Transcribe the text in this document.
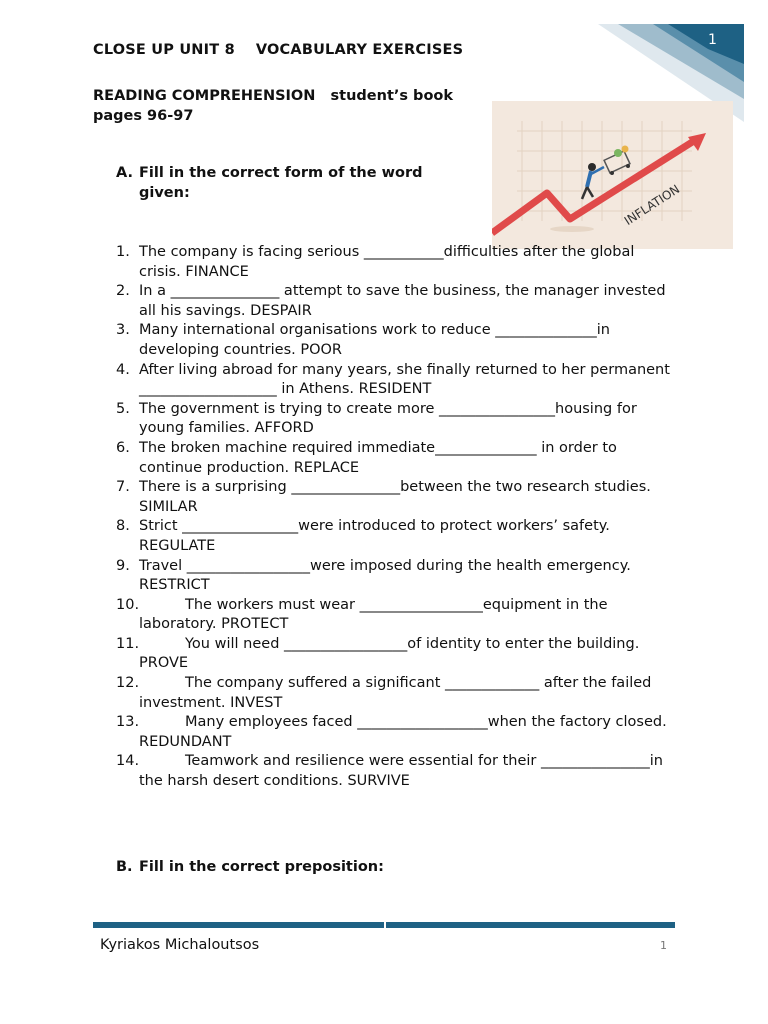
1
CLOSE UP UNIT 8    VOCABULARY EXERCISES
READING COMPREHENSION   student’s book
pages 96-97
INFLATION
A. Fill in the correct form of the word given:
1. The company is facing serious ___________difficulties after the global crisis. FINANCE
2. In a _______________ attempt to save the business, the manager invested all his savings. DESPAIR
3. Many international organisations work to reduce ______________in developing countries. POOR
4. After living abroad for many years, she finally returned to her permanent ___________________ in Athens. RESIDENT
5. The government is trying to create more ________________housing for young families. AFFORD
6. The broken machine required immediate______________ in order to continue production. REPLACE
7. There is a surprising _______________between the two research studies. SIMILAR
8. Strict ________________were introduced to protect workers’ safety. REGULATE
9. Travel _________________were imposed during the health emergency. RESTRICT
10.	The workers must wear _________________equipment in the laboratory. PROTECT
11.	You will need _________________of identity to enter the building. PROVE
12.	The company suffered a significant _____________ after the failed investment. INVEST
13.	Many employees faced __________________when the factory closed. REDUNDANT
14.	Teamwork and resilience were essential for their _______________in the harsh desert conditions. SURVIVE
B. Fill in the correct preposition:
Kyriakos Michaloutsos	1
